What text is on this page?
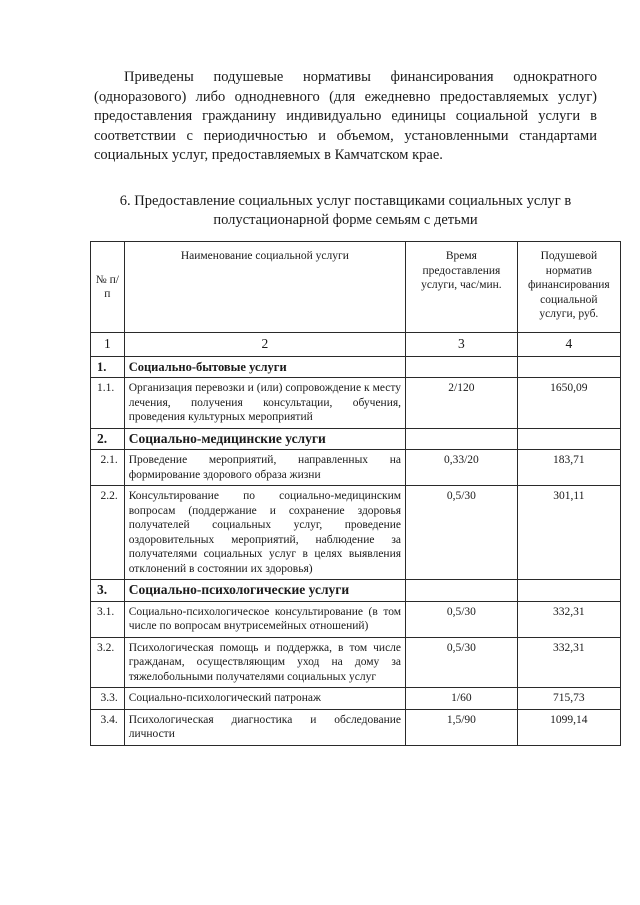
Приведены подушевые нормативы финансирования однократного (одноразового) либо однодневного (для ежедневно предоставляемых услуг) предоставления гражданину индивидуально единицы социальной услуги в соответствии с периодичностью и объемом, установленными стандартами социальных услуг, предоставляемых в Камчатском крае.

6. Предоставление социальных услуг поставщиками социальных услуг в полустационарной форме семьям с детьми
№ п/п	Наименование социальной услуги	Время предоставления услуги, час/мин.	Подушевой норматив финансирования социальной услуги, руб.
1	2	3	4
1.	Социально-бытовые услуги		
1.1.	Организация перевозки и (или) сопровождение к месту лечения, получения консультации, обучения, проведения культурных мероприятий	2/120	1650,09
2.	Социально-медицинские услуги		
2.1.	Проведение мероприятий, направленных на формирование здорового образа жизни	0,33/20	183,71
2.2.	Консультирование по социально-медицинским вопросам (поддержание и сохранение здоровья получателей социальных услуг, проведение оздоровительных мероприятий, наблюдение за получателями социальных услуг в целях выявления отклонений в состоянии их здоровья)	0,5/30	301,11
3.	Социально-психологические услуги		
3.1.	Социально-психологическое консультирование (в том числе по вопросам внутрисемейных отношений)	0,5/30	332,31
3.2.	Психологическая помощь и поддержка, в том числе гражданам, осуществляющим уход на дому за тяжелобольными получателями социальных услуг	0,5/30	332,31
3.3.	Социально-психологический патронаж	1/60	715,73
3.4.	Психологическая диагностика и обследование личности	1,5/90	1099,14
